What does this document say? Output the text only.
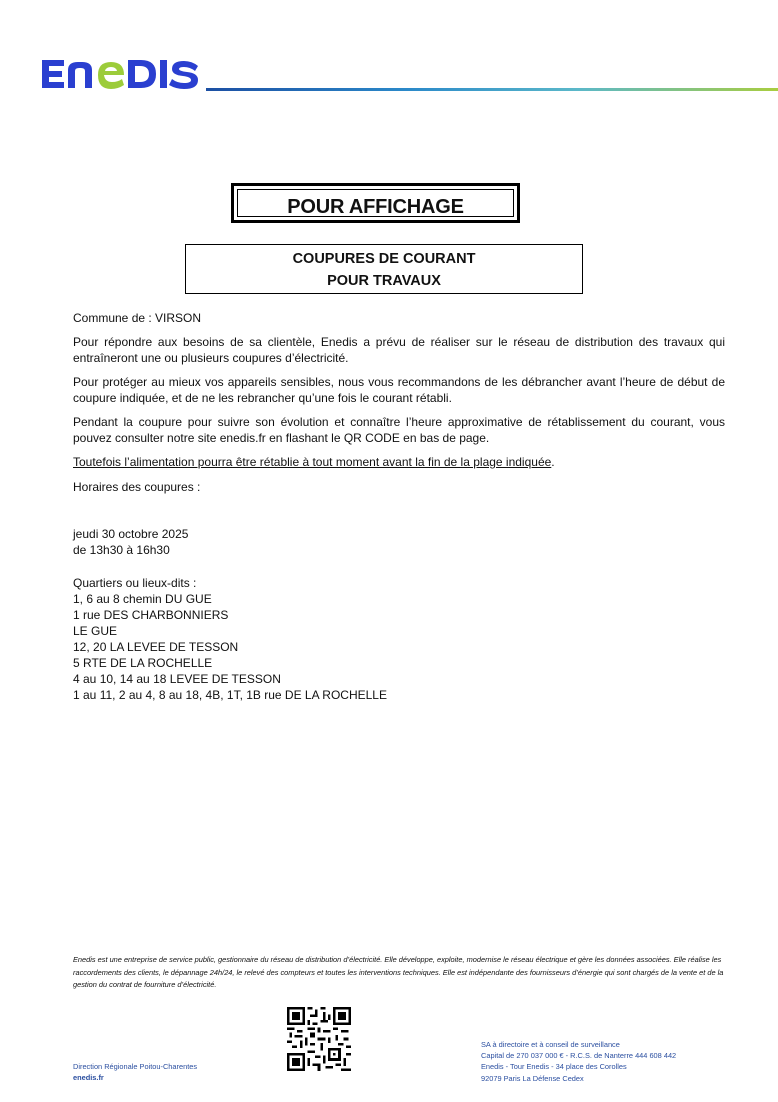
POUR AFFICHAGE
COUPURES DE COURANT
POUR TRAVAUX
Commune de : VIRSON

Pour répondre aux besoins de sa clientèle, Enedis a prévu de réaliser sur le réseau de distribution des travaux qui entraîneront une ou plusieurs coupures d’électricité.

Pour protéger au mieux vos appareils sensibles, nous vous recommandons de les débrancher avant l’heure de début de coupure indiquée, et de ne les rebrancher qu’une fois le courant rétabli.

Pendant la coupure pour suivre son évolution et connaître l’heure approximative de rétablissement du courant, vous pouvez consulter notre site enedis.fr en flashant le QR CODE en bas de page.

Toutefois l’alimentation pourra être rétablie à tout moment avant la fin de la plage indiquée.
Horaires des coupures :
jeudi 30 octobre 2025
de 13h30 à 16h30
Quartiers ou lieux-dits :
1, 6 au 8 chemin DU GUE
1 rue DES CHARBONNIERS
LE GUE
12, 20 LA LEVEE DE TESSON
5 RTE DE LA ROCHELLE
4 au 10, 14 au 18 LEVEE DE TESSON
1 au 11, 2 au 4, 8 au 18, 4B, 1T, 1B rue DE LA ROCHELLE
Enedis est une entreprise de service public, gestionnaire du réseau de distribution d’électricité. Elle développe, exploite, modernise le réseau électrique et gère les données associées. Elle réalise les raccordements des clients, le dépannage 24h/24, le relevé des compteurs et toutes les interventions techniques. Elle est indépendante des fournisseurs d’énergie qui sont chargés de la vente et de la gestion du contrat de fourniture d’électricité.
Direction Régionale Poitou-Charentes
enedis.fr
SA à directoire et à conseil de surveillance
Capital de 270 037 000 € - R.C.S. de Nanterre 444 608 442
Enedis - Tour Enedis - 34 place des Corolles
92079 Paris La Défense Cedex
